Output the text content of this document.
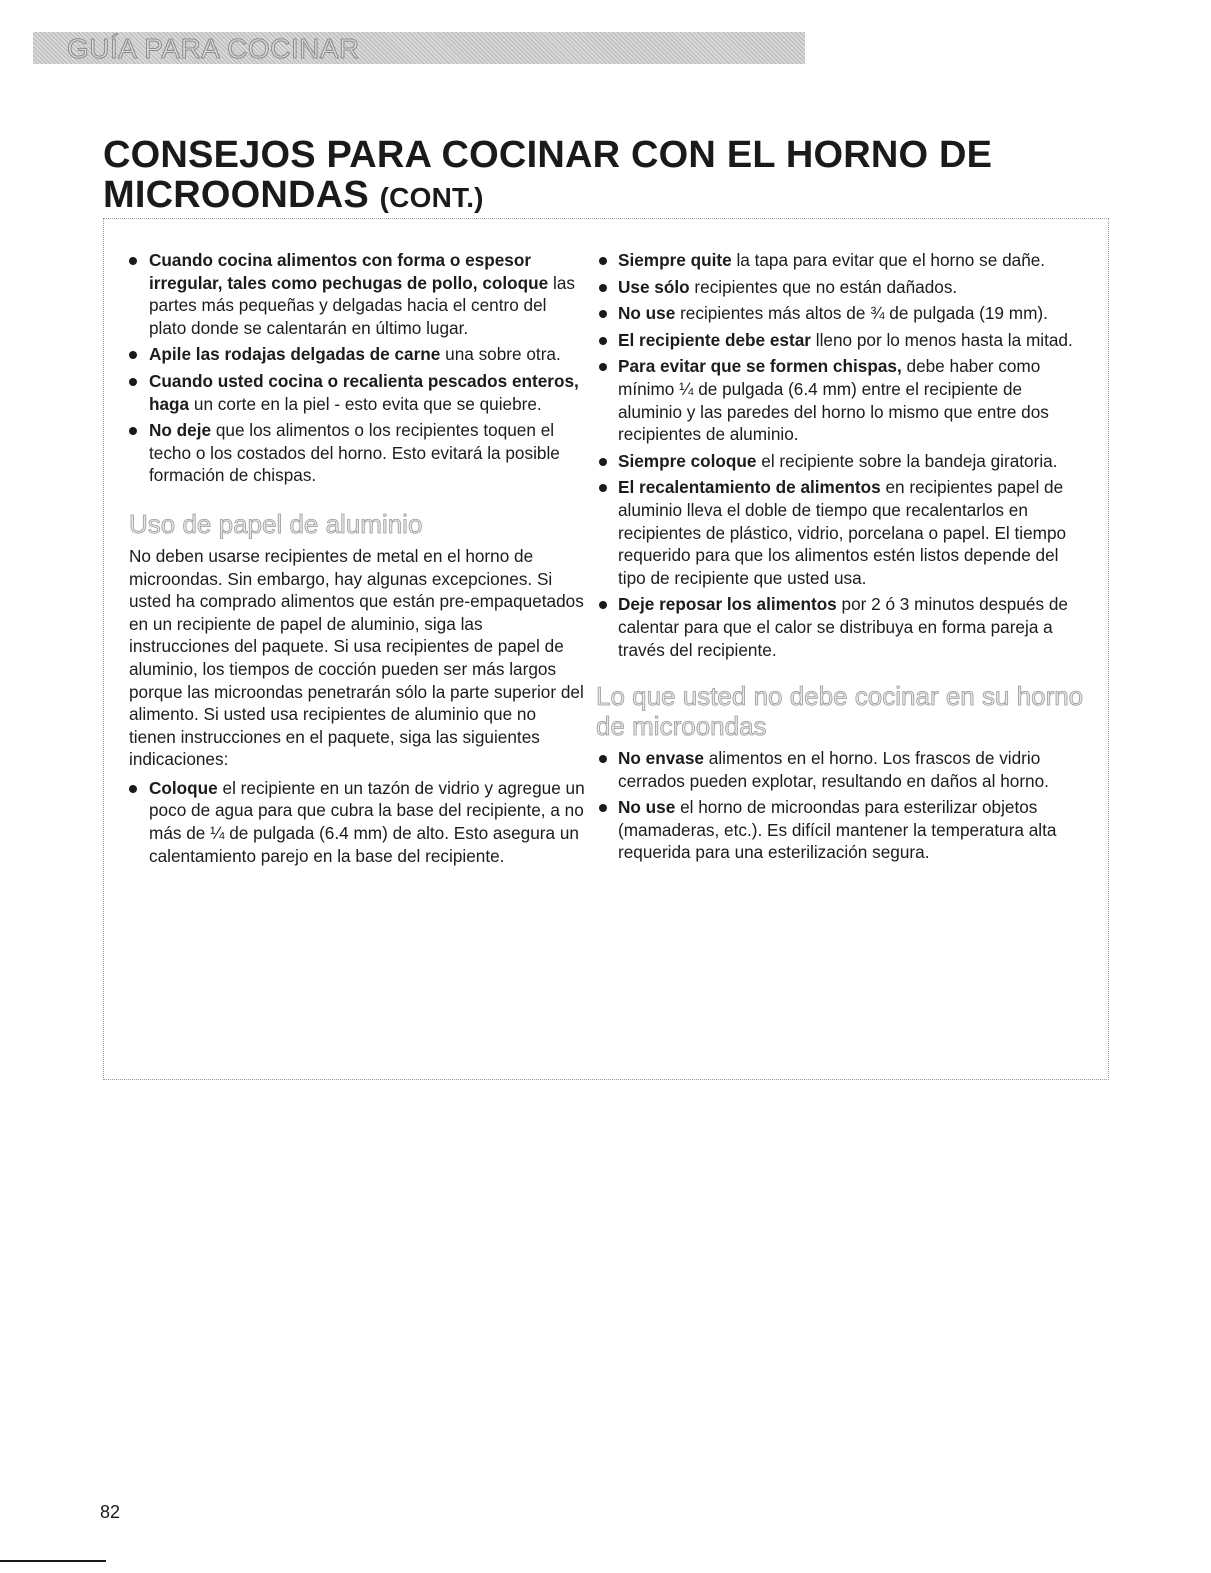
GUÍA PARA COCINAR
CONSEJOS PARA COCINAR CON EL HORNO DE MICROONDAS (CONT.)
Cuando cocina alimentos con forma o espesor irregular, tales como pechugas de pollo, coloque las partes más pequeñas y delgadas hacia el centro del plato donde se calentarán en último lugar.
Apile las rodajas delgadas de carne una sobre otra.
Cuando usted cocina o recalienta pescados enteros, haga un corte en la piel - esto evita que se quiebre.
No deje que los alimentos o los recipientes toquen el techo o los costados del horno. Esto evitará la posible formación de chispas.
Uso de papel de aluminio

No deben usarse recipientes de metal en el horno de microondas. Sin embargo, hay algunas excepciones. Si usted ha comprado alimentos que están pre-empaquetados en un recipiente de papel de aluminio, siga las instrucciones del paquete. Si usa recipientes de papel de aluminio, los tiempos de cocción pueden ser más largos porque las microondas penetrarán sólo la parte superior del alimento. Si usted usa recipientes de aluminio que no tienen instrucciones en el paquete, siga las siguientes indicaciones:

Coloque el recipiente en un tazón de vidrio y agregue un poco de agua para que cubra la base del recipiente, a no más de ¼ de pulgada (6.4 mm) de alto. Esto asegura un calentamiento parejo en la base del recipiente.
Siempre quite la tapa para evitar que el horno se dañe.
Use sólo recipientes que no están dañados.
No use recipientes más altos de ¾ de pulgada (19 mm).
El recipiente debe estar lleno por lo menos hasta la mitad.
Para evitar que se formen chispas, debe haber como mínimo ¼ de pulgada (6.4 mm) entre el recipiente de aluminio y las paredes del horno lo mismo que entre dos recipientes de aluminio.
Siempre coloque el recipiente sobre la bandeja giratoria.
El recalentamiento de alimentos en recipientes papel de aluminio lleva el doble de tiempo que recalentarlos en recipientes de plástico, vidrio, porcelana o papel. El tiempo requerido para que los alimentos estén listos depende del tipo de recipiente que usted usa.
Deje reposar los alimentos por 2 ó 3 minutos después de calentar para que el calor se distribuya en forma pareja a través del recipiente.
Lo que usted no debe cocinar en su horno de microondas
No envase alimentos en el horno. Los frascos de vidrio cerrados pueden explotar, resultando en daños al horno.
No use el horno de microondas para esterilizar objetos (mamaderas, etc.). Es difícil mantener la temperatura alta requerida para una esterilización segura.
82
